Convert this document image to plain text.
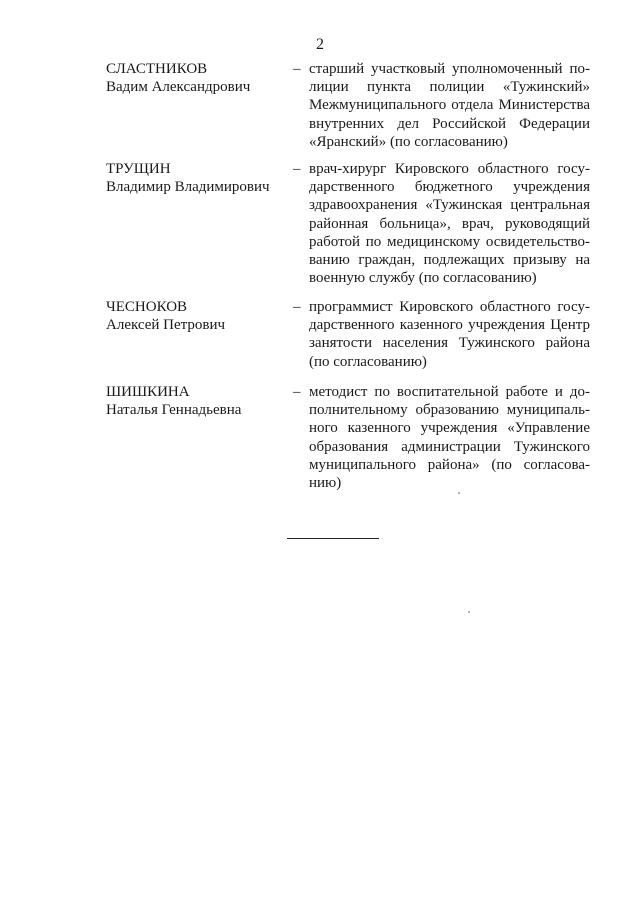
2
СЛАСТНИКОВ
Вадим Александрович
– старший участковый уполномоченный по-
лиции пункта полиции «Тужинский»
Межмуниципального отдела Министерства
внутренних дел Российской Федерации
«Яранский» (по согласованию)
ТРУЩИН
Владимир Владимирович
– врач-хирург Кировского областного госу-
дарственного бюджетного учреждения
здравоохранения «Тужинская центральная
районная больница», врач, руководящий
работой по медицинскому освидетельство-
ванию граждан, подлежащих призыву на
военную службу (по согласованию)
ЧЕСНОКОВ
Алексей Петрович
– программист Кировского областного госу-
дарственного казенного учреждения Центр
занятости населения Тужинского района
(по согласованию)
ШИШКИНА
Наталья Геннадьевна
– методист по воспитательной работе и до-
полнительному образованию муниципаль-
ного казенного учреждения «Управление
образования администрации Тужинского
муниципального района» (по согласова-
нию)
